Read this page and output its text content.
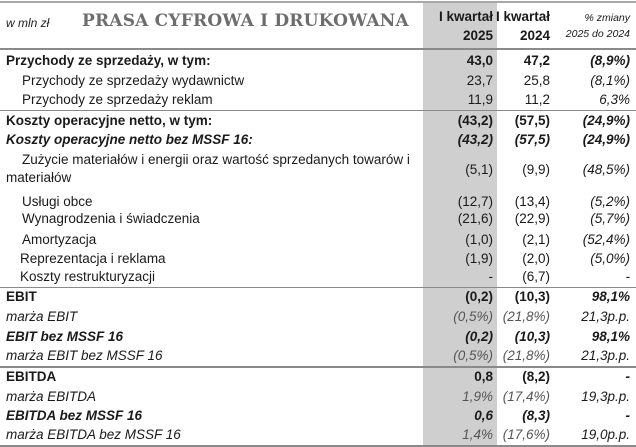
w mln zł PRASA CYFROWA I DRUKOWANA I kwartał
2025
I kwartał
2024
% zmiany
2025 do 2024
Przychody ze sprzedaży, w tym:	43,0 47,2	(8,9%)
Przychody ze sprzedaży wydawnictw	23,7 25,8	(8,1%)
Przychody ze sprzedaży reklam	11,9 11,2	6,3%
Koszty operacyjne netto, w tym:	(43,2) (57,5) (24,9%)
Koszty operacyjne netto bez MSSF 16:	(43,2) (57,5) (24,9%)
Zużycie materiałów i energii oraz wartość sprzedanych towarów i
materiałów
(5,1) (9,9) (48,5%)
Usługi obce	(12,7) (13,4)	(5,2%)
Wynagrodzenia i świadczenia	(21,6) (22,9)	(5,7%)
Amortyzacja	(1,0) (2,1) (52,4%)
Reprezentacja i reklama	(1,9) (2,0)	(5,0%)
Koszty restrukturyzacji	- (6,7)	-
EBIT	(0,2) (10,3)	98,1%
marża EBIT	(0,5%) (21,8%) 21,3p.p.
EBIT bez MSSF 16	(0,2) (10,3)	98,1%
marża EBIT bez MSSF 16	(0,5%) (21,8%) 21,3p.p.
EBITDA	0,8 (8,2)	-
marża EBITDA	1,9% (17,4%) 19,3p.p.
EBITDA bez MSSF 16	0,6 (8,3)	-
marża EBITDA bez MSSF 16	1,4% (17,6%) 19,0p.p.
